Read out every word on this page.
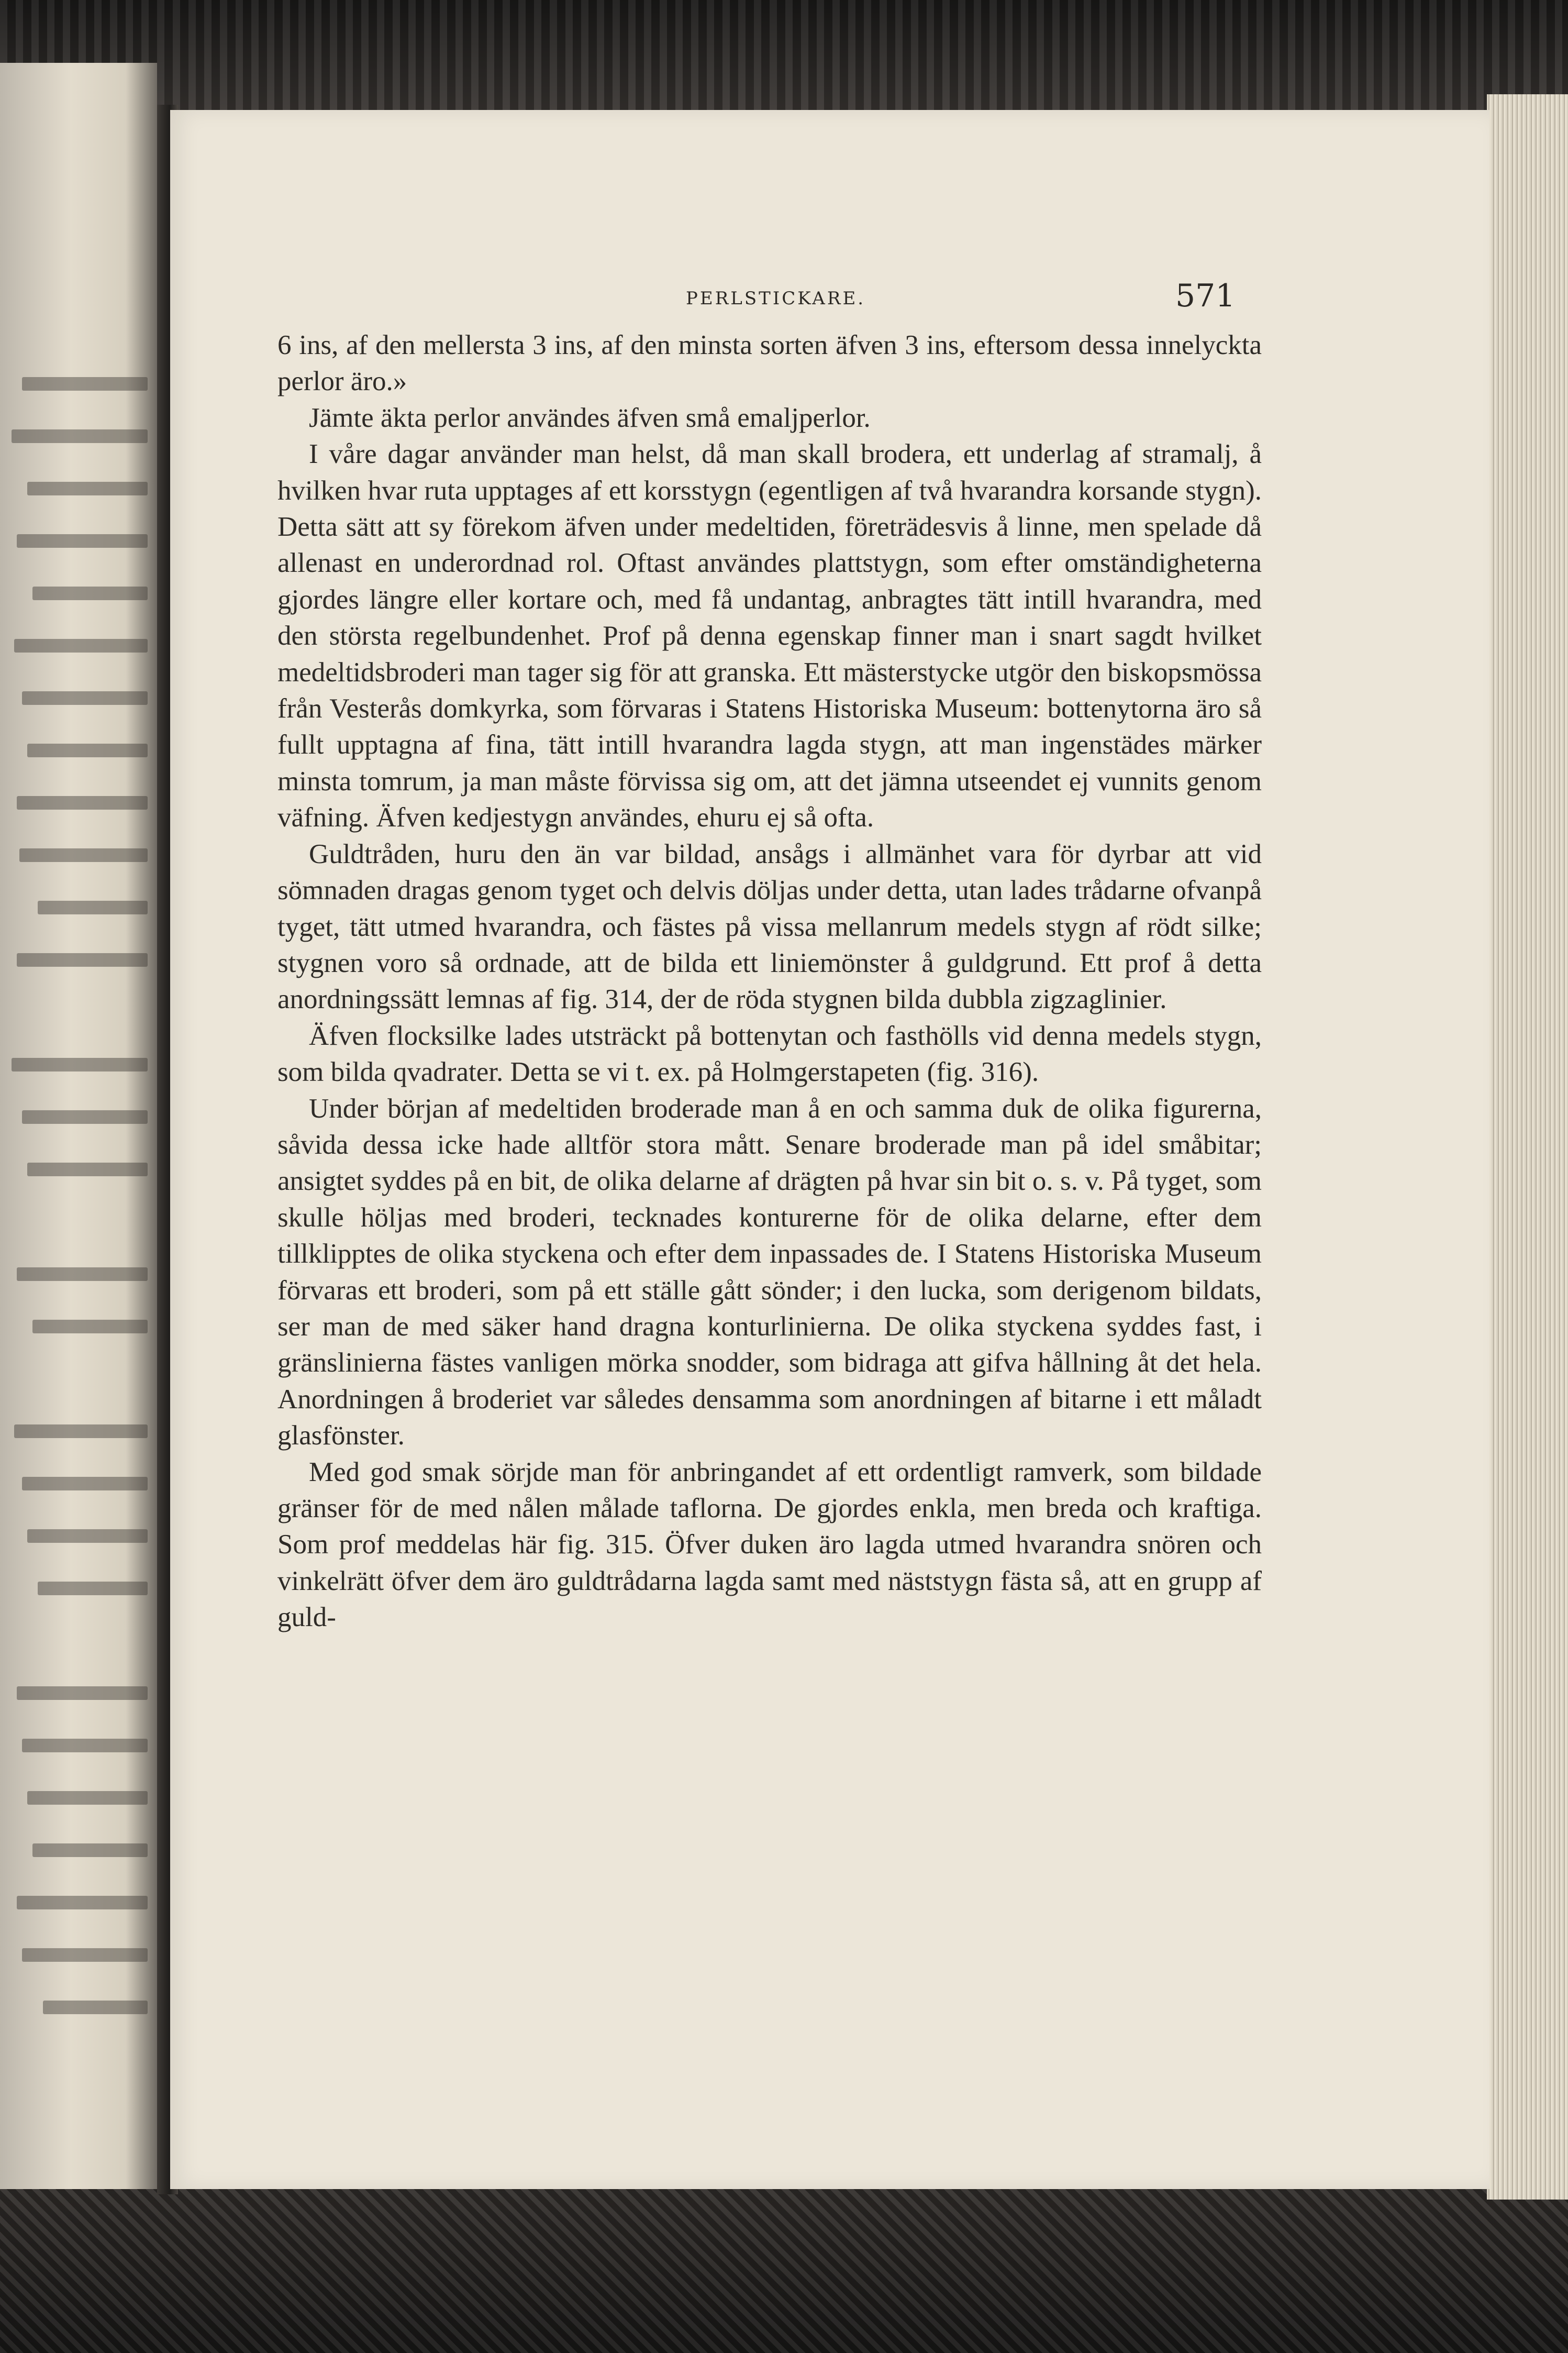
PERLSTICKARE.	571

6 ins, af den mellersta 3 ins, af den minsta sorten äfven 3 ins, eftersom dessa innelyckta perlor äro.»

Jämte äkta perlor användes äfven små emaljperlor.

I våre dagar använder man helst, då man skall brodera, ett underlag af stramalj, å hvilken hvar ruta upptages af ett korsstygn (egentligen af två hvarandra korsande stygn). Detta sätt att sy förekom äfven under medeltiden, företrädesvis å linne, men spelade då allenast en underordnad rol. Oftast användes plattstygn, som efter omständigheterna gjordes längre eller kortare och, med få undantag, anbragtes tätt intill hvarandra, med den största regelbundenhet. Prof på denna egenskap finner man i snart sagdt hvilket medeltidsbroderi man tager sig för att granska. Ett mästerstycke utgör den biskopsmössa från Vesterås domkyrka, som förvaras i Statens Historiska Museum: bottenytorna äro så fullt upptagna af fina, tätt intill hvarandra lagda stygn, att man ingenstädes märker minsta tomrum, ja man måste förvissa sig om, att det jämna utseendet ej vunnits genom väfning. Äfven kedjestygn användes, ehuru ej så ofta.

Guldtråden, huru den än var bildad, ansågs i allmänhet vara för dyrbar att vid sömnaden dragas genom tyget och delvis döljas under detta, utan lades trådarne ofvanpå tyget, tätt utmed hvarandra, och fästes på vissa mellanrum medels stygn af rödt silke; stygnen voro så ordnade, att de bilda ett liniemönster å guldgrund. Ett prof å detta anordningssätt lemnas af fig. 314, der de röda stygnen bilda dubbla zigzaglinier.

Äfven flocksilke lades utsträckt på bottenytan och fasthölls vid denna medels stygn, som bilda qvadrater. Detta se vi t. ex. på Holmgerstapeten (fig. 316).

Under början af medeltiden broderade man å en och samma duk de olika figurerna, såvida dessa icke hade alltför stora mått. Senare broderade man på idel småbitar; ansigtet syddes på en bit, de olika delarne af drägten på hvar sin bit o. s. v. På tyget, som skulle höljas med broderi, tecknades konturerne för de olika delarne, efter dem tillklipptes de olika styckena och efter dem inpassades de. I Statens Historiska Museum förvaras ett broderi, som på ett ställe gått sönder; i den lucka, som derigenom bildats, ser man de med säker hand dragna konturlinierna. De olika styckena syddes fast, i gränslinierna fästes vanligen mörka snodder, som bidraga att gifva hållning åt det hela. Anordningen å broderiet var således densamma som anordningen af bitarne i ett måladt glasfönster.

Med god smak sörjde man för anbringandet af ett ordentligt ramverk, som bildade gränser för de med nålen målade taflorna. De gjordes enkla, men breda och kraftiga. Som prof meddelas här fig. 315. Öfver duken äro lagda utmed hvarandra snören och vinkelrätt öfver dem äro guldtrådarna lagda samt med näststygn fästa så, att en grupp af guld-
